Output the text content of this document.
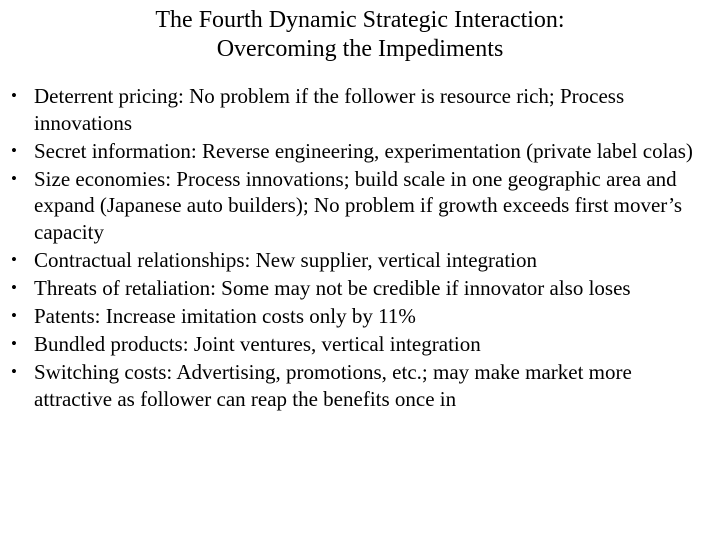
The Fourth Dynamic Strategic Interaction:
Overcoming the Impediments
• Deterrent pricing: No problem if the follower is resource rich; Process innovations
• Secret information: Reverse engineering, experimentation (private label colas)
• Size economies: Process innovations; build scale in one geographic area and expand (Japanese auto builders); No problem if growth exceeds first mover’s capacity
• Contractual relationships: New supplier, vertical integration
• Threats of retaliation: Some may not be credible if innovator also loses
• Patents: Increase imitation costs only by 11%
• Bundled products: Joint ventures, vertical integration
• Switching costs: Advertising, promotions, etc.; may make market more attractive as follower can reap the benefits once in
